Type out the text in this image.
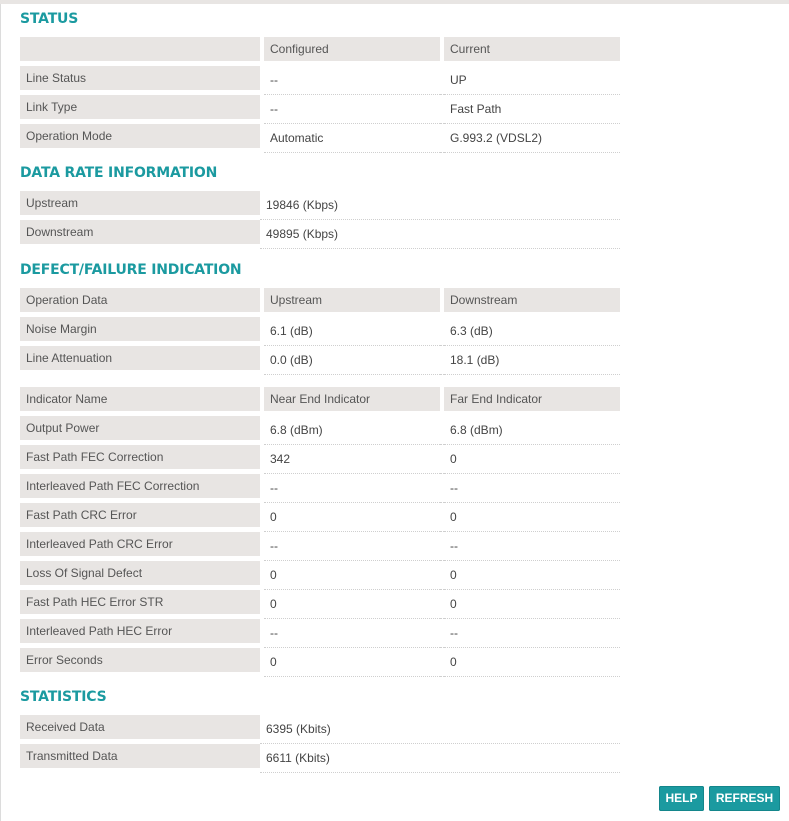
STATUS
		Configured		Current
Line Status		--		UP
Link Type		--		Fast Path
Operation Mode		Automatic		G.993.2 (VDSL2)
DATA RATE INFORMATION
Upstream	19846 (Kbps)
Downstream	49895 (Kbps)
DEFECT/FAILURE INDICATION
Operation Data		Upstream		Downstream
Noise Margin		6.1 (dB)		6.3 (dB)
Line Attenuation		0.0 (dB)		18.1 (dB)
Indicator Name		Near End Indicator		Far End Indicator
Output Power		6.8 (dBm)		6.8 (dBm)
Fast Path FEC Correction		342		0
Interleaved Path FEC Correction		--		--
Fast Path CRC Error		0		0
Interleaved Path CRC Error		--		--
Loss Of Signal Defect		0		0
Fast Path HEC Error STR		0		0
Interleaved Path HEC Error		--		--
Error Seconds		0		0
STATISTICS
Received Data	6395 (Kbits)
Transmitted Data	6611 (Kbits)
HELP	REFRESH
